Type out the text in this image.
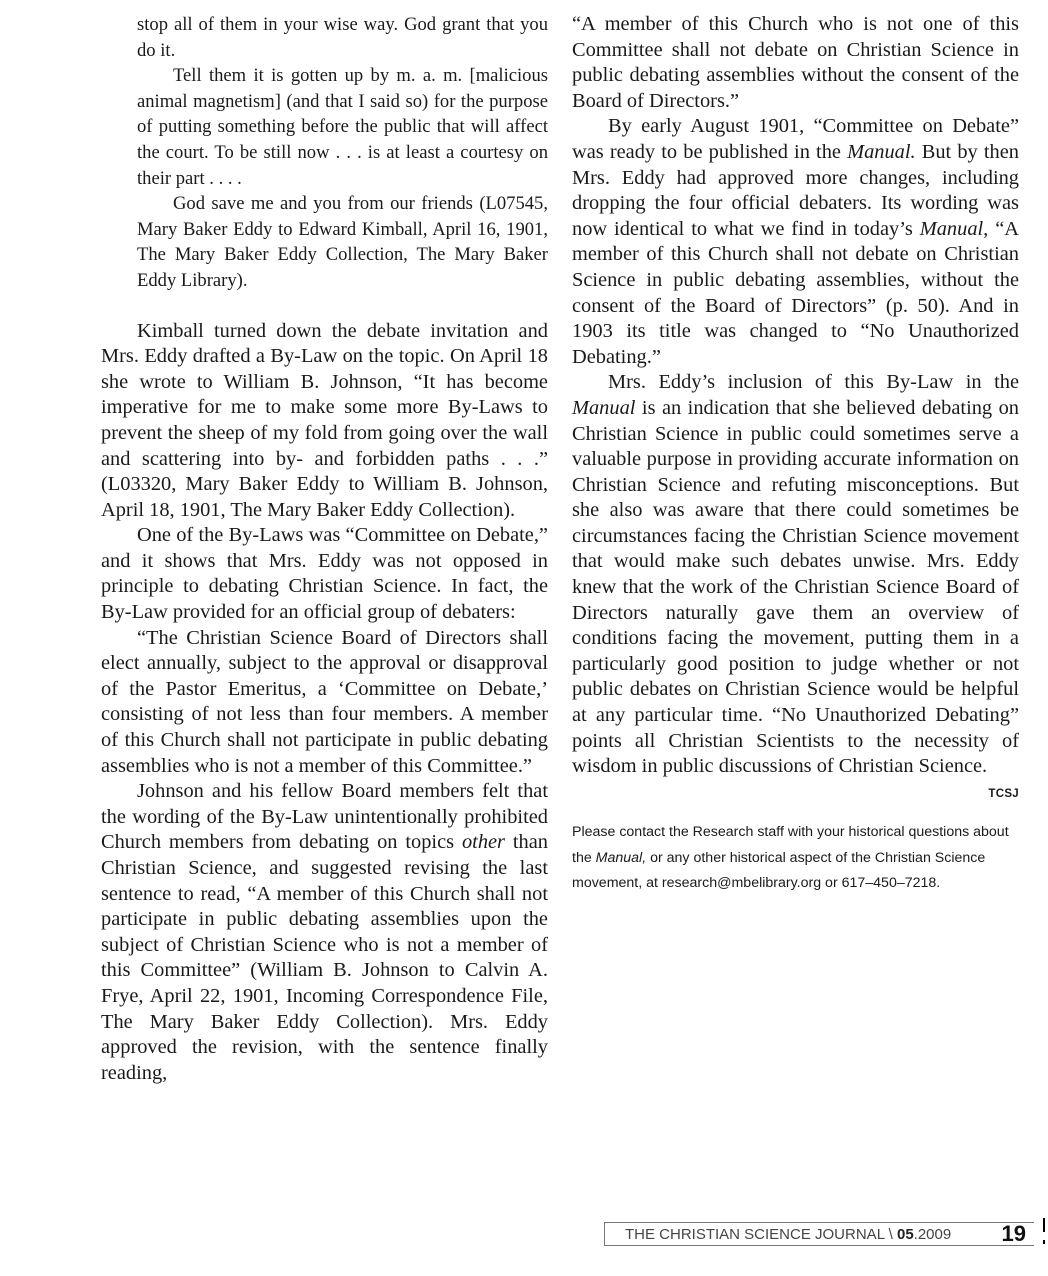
stop all of them in your wise way. God grant that you do it.

Tell them it is gotten up by m. a. m. [malicious animal magnetism] (and that I said so) for the purpose of putting something before the public that will affect the court. To be still now . . . is at least a courtesy on their part . . . .

God save me and you from our friends (L07545, Mary Baker Eddy to Edward Kimball, April 16, 1901, The Mary Baker Eddy Collection, The Mary Baker Eddy Library).

Kimball turned down the debate invitation and Mrs. Eddy drafted a By-Law on the topic. On April 18 she wrote to William B. Johnson, “It has become imperative for me to make some more By-Laws to prevent the sheep of my fold from going over the wall and scattering into by- and forbidden paths . . .” (L03320, Mary Baker Eddy to William B. Johnson, April 18, 1901, The Mary Baker Eddy Collection).

One of the By-Laws was “Committee on Debate,” and it shows that Mrs. Eddy was not opposed in principle to debating Christian Science. In fact, the By-Law provided for an official group of debaters:

“The Christian Science Board of Directors shall elect annually, subject to the approval or disapproval of the Pastor Emeritus, a ‘Committee on Debate,’ consisting of not less than four members. A member of this Church shall not participate in public debating assemblies who is not a member of this Committee.”

Johnson and his fellow Board members felt that the wording of the By-Law unintentionally prohibited Church members from debating on topics other than Christian Science, and suggested revising the last sentence to read, “A member of this Church shall not participate in public debating assemblies upon the subject of Christian Science who is not a member of this Committee” (William B. Johnson to Calvin A. Frye, April 22, 1901, Incoming Correspondence File, The Mary Baker Eddy Collection). Mrs. Eddy approved the revision, with the sentence finally reading,

“A member of this Church who is not one of this Committee shall not debate on Christian Science in public debating assemblies without the consent of the Board of Directors.”

By early August 1901, “Committee on Debate” was ready to be published in the Manual. But by then Mrs. Eddy had approved more changes, including dropping the four official debaters. Its wording was now identical to what we find in today’s Manual, “A member of this Church shall not debate on Christian Science in public debating assemblies, without the consent of the Board of Directors” (p. 50). And in 1903 its title was changed to “No Unauthorized Debating.”

Mrs. Eddy’s inclusion of this By-Law in the Manual is an indication that she believed debating on Christian Science in public could sometimes serve a valuable purpose in providing accurate information on Christian Science and refuting misconceptions. But she also was aware that there could sometimes be circumstances facing the Christian Science movement that would make such debates unwise. Mrs. Eddy knew that the work of the Christian Science Board of Directors naturally gave them an overview of conditions facing the movement, putting them in a particularly good position to judge whether or not public debates on Christian Science would be helpful at any particular time. “No Unauthorized Debating” points all Christian Scientists to the necessity of wisdom in public discussions of Christian Science.

TCSJ

Please contact the Research staff with your historical questions about the Manual, or any other historical aspect of the Christian Science movement, at research@mbelibrary.org or 617–450–7218.

THE CHRISTIAN SCIENCE JOURNAL \ 05.2009 19
